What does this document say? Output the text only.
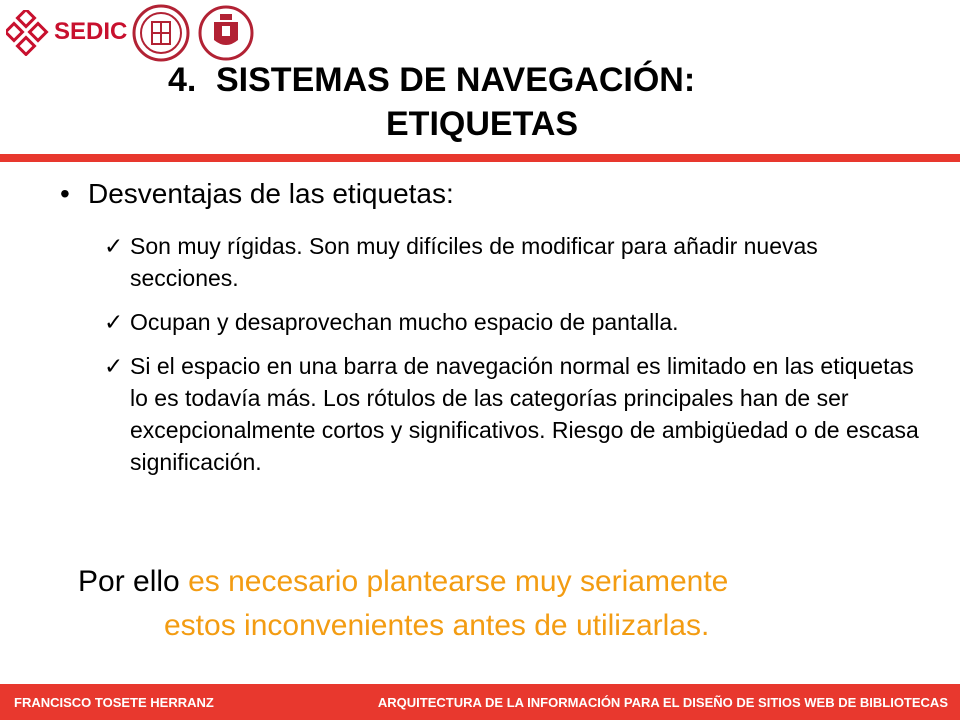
SEDIC
4. SISTEMAS DE NAVEGACIÓN:
ETIQUETAS
• Desventajas de las etiquetas:
✓ Son muy rígidas. Son muy difíciles de modificar para añadir nuevas secciones.
✓ Ocupan y desaprovechan mucho espacio de pantalla.
✓ Si el espacio en una barra de navegación normal es limitado en las etiquetas lo es todavía más. Los rótulos de las categorías principales han de ser excepcionalmente cortos y significativos. Riesgo de ambigüedad o de escasa significación.
Por ello es necesario plantearse muy seriamente
estos inconvenientes antes de utilizarlas.
FRANCISCO TOSETE HERRANZ	ARQUITECTURA DE LA INFORMACIÓN PARA EL DISEÑO DE SITIOS WEB DE BIBLIOTECAS
